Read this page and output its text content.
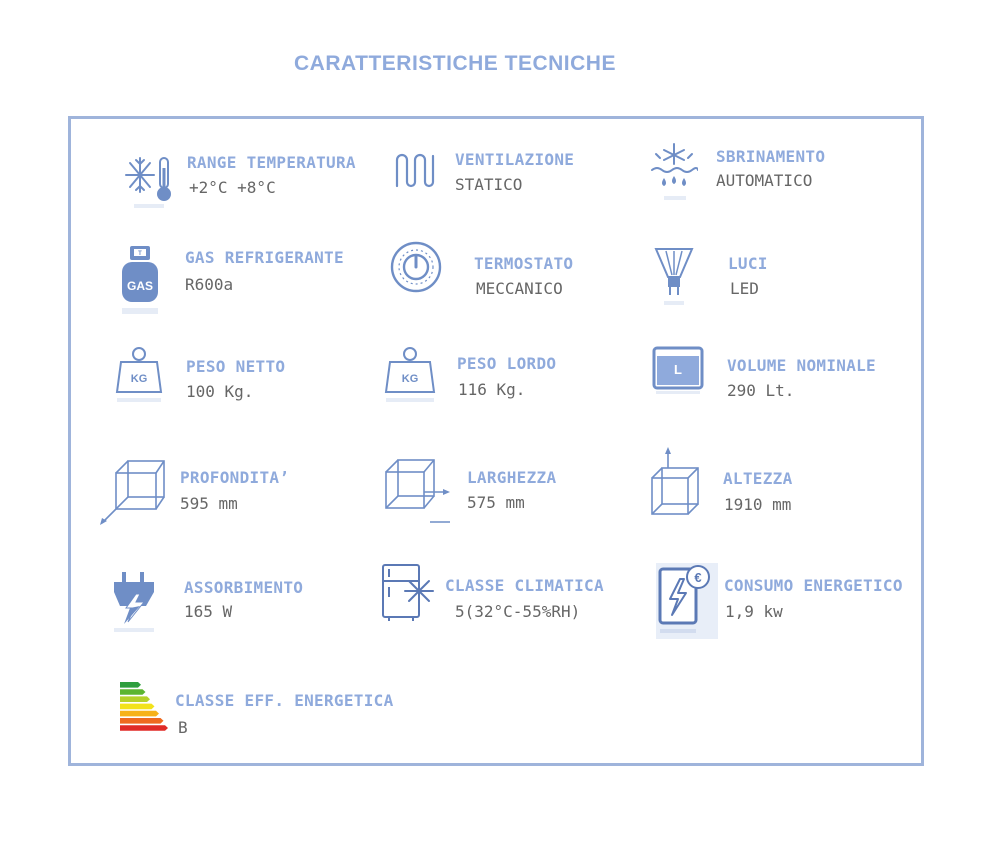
CARATTERISTICHE TECNICHE
RANGE TEMPERATURA
+2°C +8°C
VENTILAZIONE
STATICO
SBRINAMENTO
AUTOMATICO
T
GAS
GAS REFRIGERANTE
R600a
TERMOSTATO
MECCANICO
LUCI
LED
KG
PESO NETTO
100 Kg.
KG
PESO LORDO
116 Kg.
L	VOLUME NOMINALE
290 Lt.
PROFONDITA’
595 mm
LARGHEZZA
575 mm
ALTEZZA
1910 mm
ASSORBIMENTO
165 W
CLASSE CLIMATICA
5(32°C-55%RH)
€ CONSUMO ENERGETICO
1,9 kw
CLASSE EFF. ENERGETICA
B
